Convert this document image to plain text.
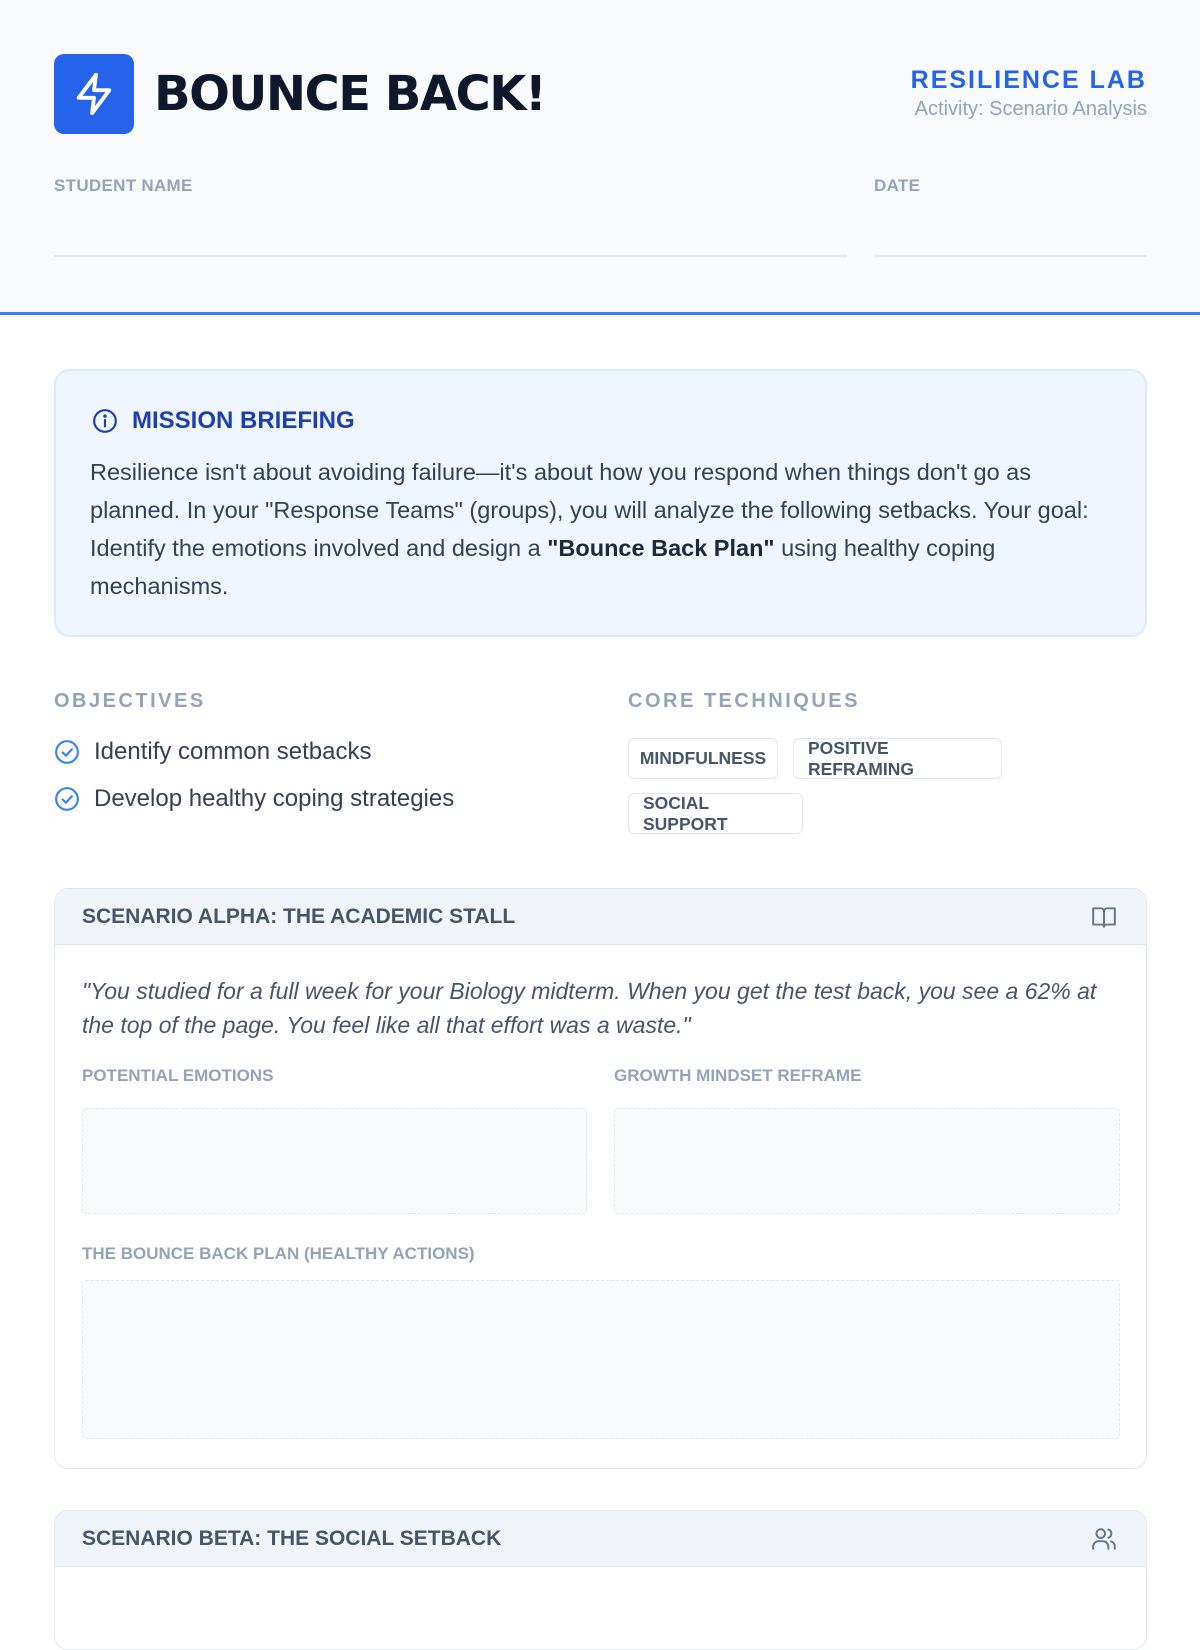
BOUNCE BACK!	RESILIENCE LAB
Activity: Scenario Analysis
STUDENT NAME	DATE
MISSION BRIEFING

Resilience isn't about avoiding failure—it's about how you respond when things don't go as planned. In your "Response Teams" (groups), you will analyze the following setbacks. Your goal: Identify the emotions involved and design a "Bounce Back Plan" using healthy coping mechanisms.

OBJECTIVES
Identify common setbacks
Develop healthy coping strategies
CORE TECHNIQUES
MINDFULNESS
POSITIVE REFRAMING
SOCIAL SUPPORT
SCENARIO ALPHA: THE ACADEMIC STALL

"You studied for a full week for your Biology midterm. When you get the test back, you see a 62% at the top of the page. You feel like all that effort was a waste."

POTENTIAL EMOTIONS	GROWTH MINDSET REFRAME
THE BOUNCE BACK PLAN (HEALTHY ACTIONS)
SCENARIO BETA: THE SOCIAL SETBACK
